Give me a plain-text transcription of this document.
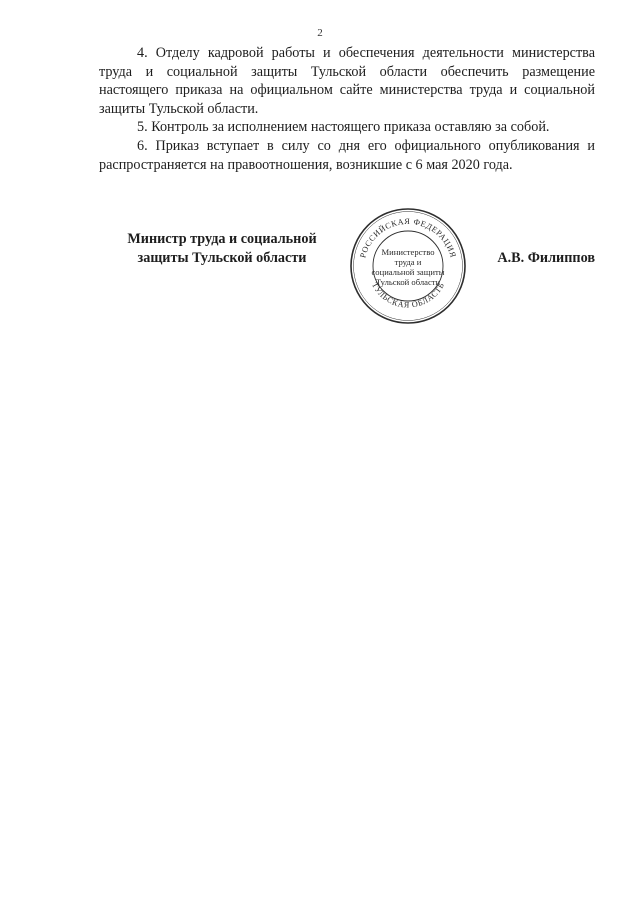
2

4. Отделу кадровой работы и обеспечения деятельности министерства труда и социальной защиты Тульской области обеспечить размещение настоящего приказа на официальном сайте министерства труда и социальной защиты Тульской области.

5. Контроль за исполнением настоящего приказа оставляю за собой.

6. Приказ вступает в силу со дня его официального опубликования и распространяется на правоотношения, возникшие с 6 мая 2020 года.

Министр труда и социальной
защиты Тульской области	А.В. Филиппов
РОССИЙСКАЯ ФЕДЕРАЦИЯ
ТУЛЬСКАЯ ОБЛАСТЬ
Министерство
труда и
социальной защиты
Тульской области
